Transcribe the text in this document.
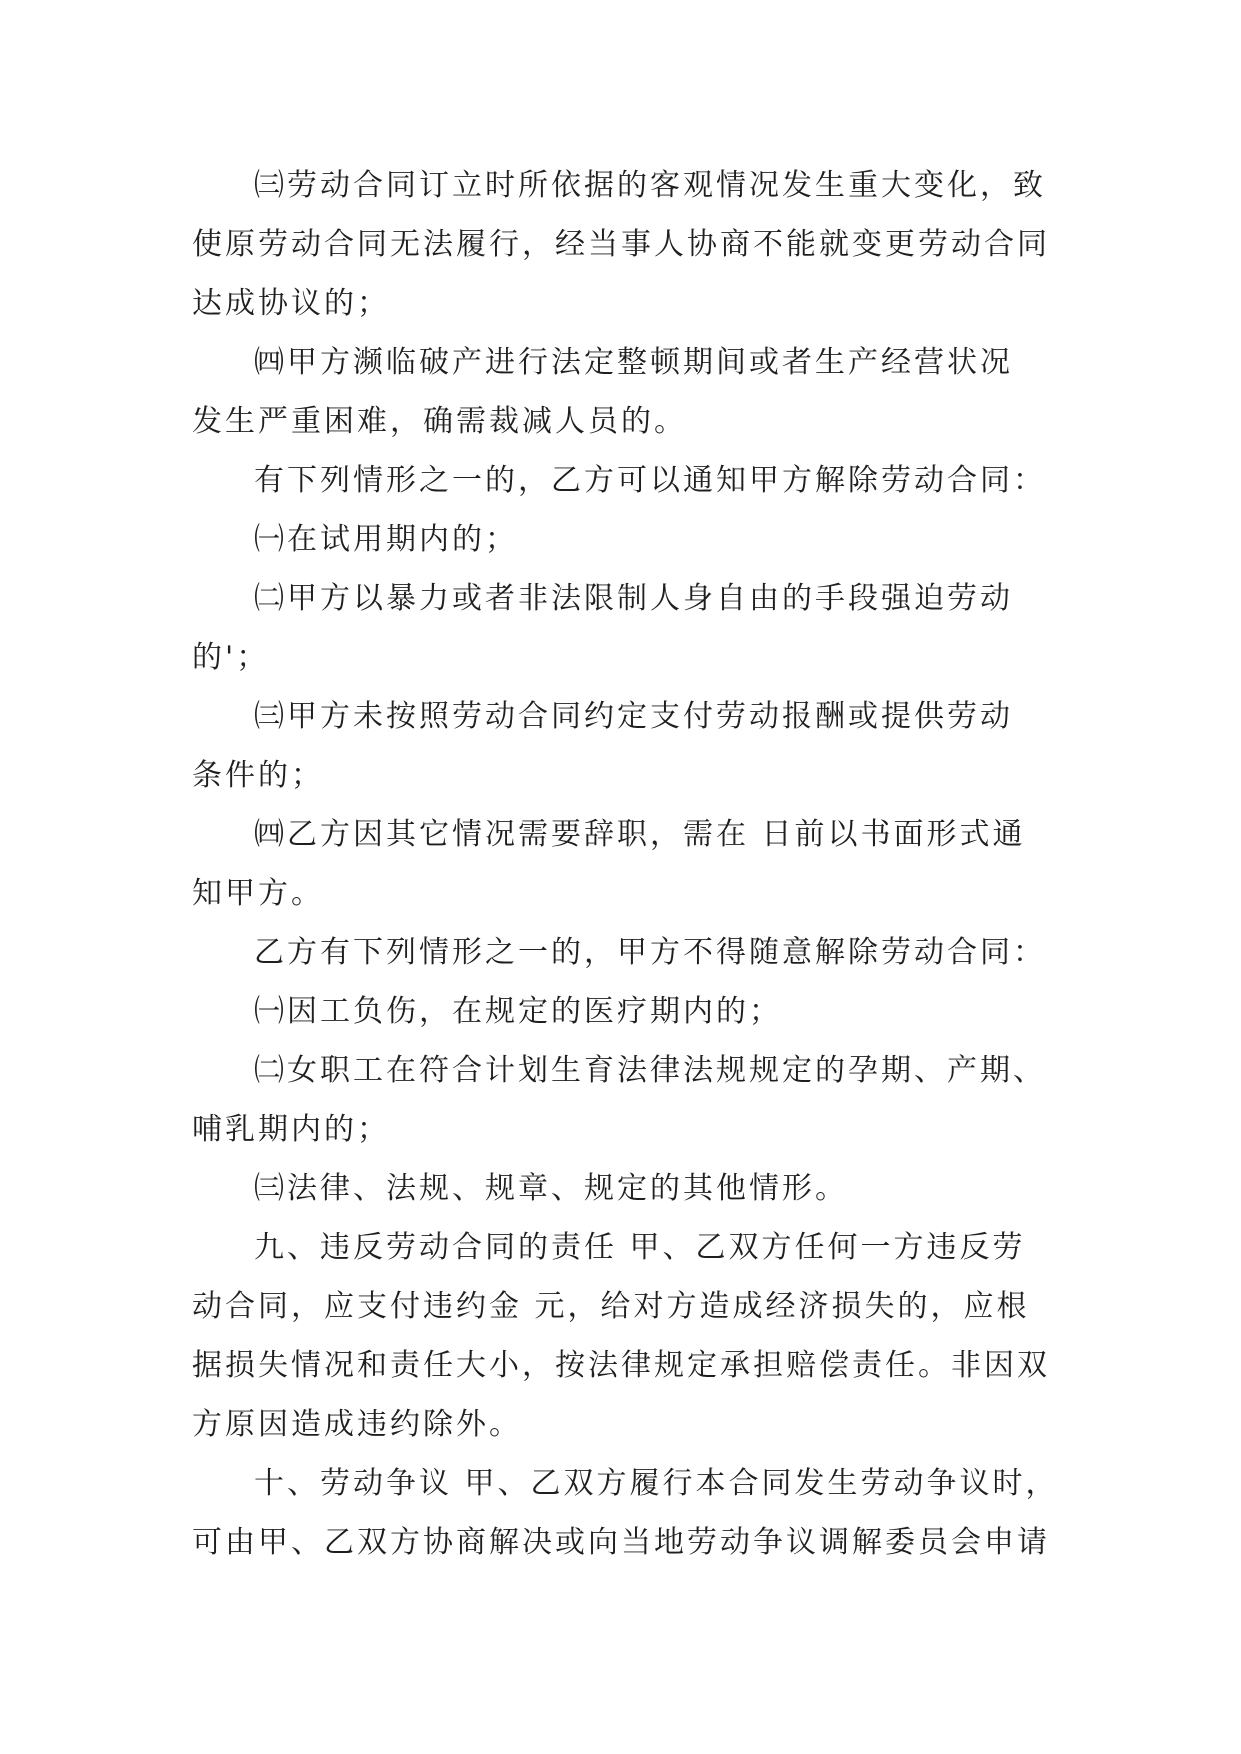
㈢劳动合同订立时所依据的客观情况发生重大变化，致
使原劳动合同无法履行，经当事人协商不能就变更劳动合同
达成协议的；
㈣甲方濒临破产进行法定整顿期间或者生产经营状况
发生严重困难，确需裁减人员的。
有下列情形之一的，乙方可以通知甲方解除劳动合同：
㈠在试用期内的；
㈡甲方以暴力或者非法限制人身自由的手段强迫劳动
的'；
㈢甲方未按照劳动合同约定支付劳动报酬或提供劳动
条件的；
㈣乙方因其它情况需要辞职，需在 日前以书面形式通
知甲方。
乙方有下列情形之一的，甲方不得随意解除劳动合同：
㈠因工负伤，在规定的医疗期内的；
㈡女职工在符合计划生育法律法规规定的孕期、产期、
哺乳期内的；
㈢法律、法规、规章、规定的其他情形。
九、违反劳动合同的责任 甲、乙双方任何一方违反劳
动合同，应支付违约金 元，给对方造成经济损失的，应根
据损失情况和责任大小，按法律规定承担赔偿责任。非因双
方原因造成违约除外。
十、劳动争议 甲、乙双方履行本合同发生劳动争议时，
可由甲、乙双方协商解决或向当地劳动争议调解委员会申请
